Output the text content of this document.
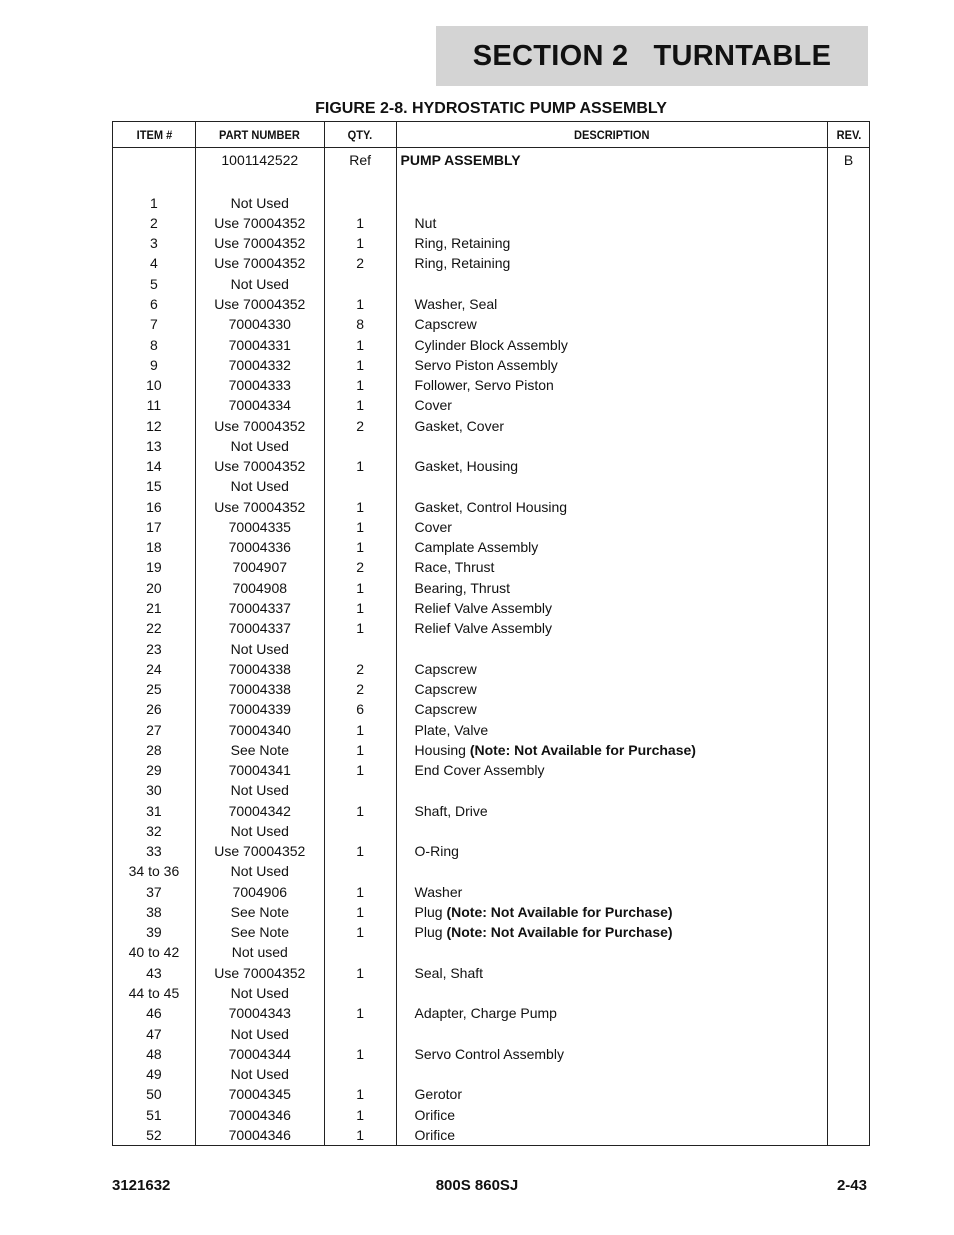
SECTION 2   TURNTABLE
FIGURE 2-8. HYDROSTATIC PUMP ASSEMBLY
ITEM #	PART NUMBER	QTY.	DESCRIPTION	REV.
	1001142522	Ref	PUMP ASSEMBLY	B

1	Not Used			
2	Use 70004352	1	Nut	
3	Use 70004352	1	Ring, Retaining	
4	Use 70004352	2	Ring, Retaining	
5	Not Used			
6	Use 70004352	1	Washer, Seal	
7	70004330	8	Capscrew	
8	70004331	1	Cylinder Block Assembly	
9	70004332	1	Servo Piston Assembly	
10	70004333	1	Follower, Servo Piston	
11	70004334	1	Cover	
12	Use 70004352	2	Gasket, Cover	
13	Not Used			
14	Use 70004352	1	Gasket, Housing	
15	Not Used			
16	Use 70004352	1	Gasket, Control Housing	
17	70004335	1	Cover	
18	70004336	1	Camplate Assembly	
19	7004907	2	Race, Thrust	
20	7004908	1	Bearing, Thrust	
21	70004337	1	Relief Valve Assembly	
22	70004337	1	Relief Valve Assembly	
23	Not Used			
24	70004338	2	Capscrew	
25	70004338	2	Capscrew	
26	70004339	6	Capscrew	
27	70004340	1	Plate, Valve	
28	See Note	1	Housing (Note: Not Available for Purchase)	
29	70004341	1	End Cover Assembly	
30	Not Used			
31	70004342	1	Shaft, Drive	
32	Not Used			
33	Use 70004352	1	O-Ring	
34 to 36	Not Used			
37	7004906	1	Washer	
38	See Note	1	Plug (Note: Not Available for Purchase)	
39	See Note	1	Plug (Note: Not Available for Purchase)	
40 to 42	Not used			
43	Use 70004352	1	Seal, Shaft	
44 to 45	Not Used			
46	70004343	1	Adapter, Charge Pump	
47	Not Used			
48	70004344	1	Servo Control Assembly	
49	Not Used			
50	70004345	1	Gerotor	
51	70004346	1	Orifice	
52	70004346	1	Orifice	
3121632	800S 860SJ	2-43
